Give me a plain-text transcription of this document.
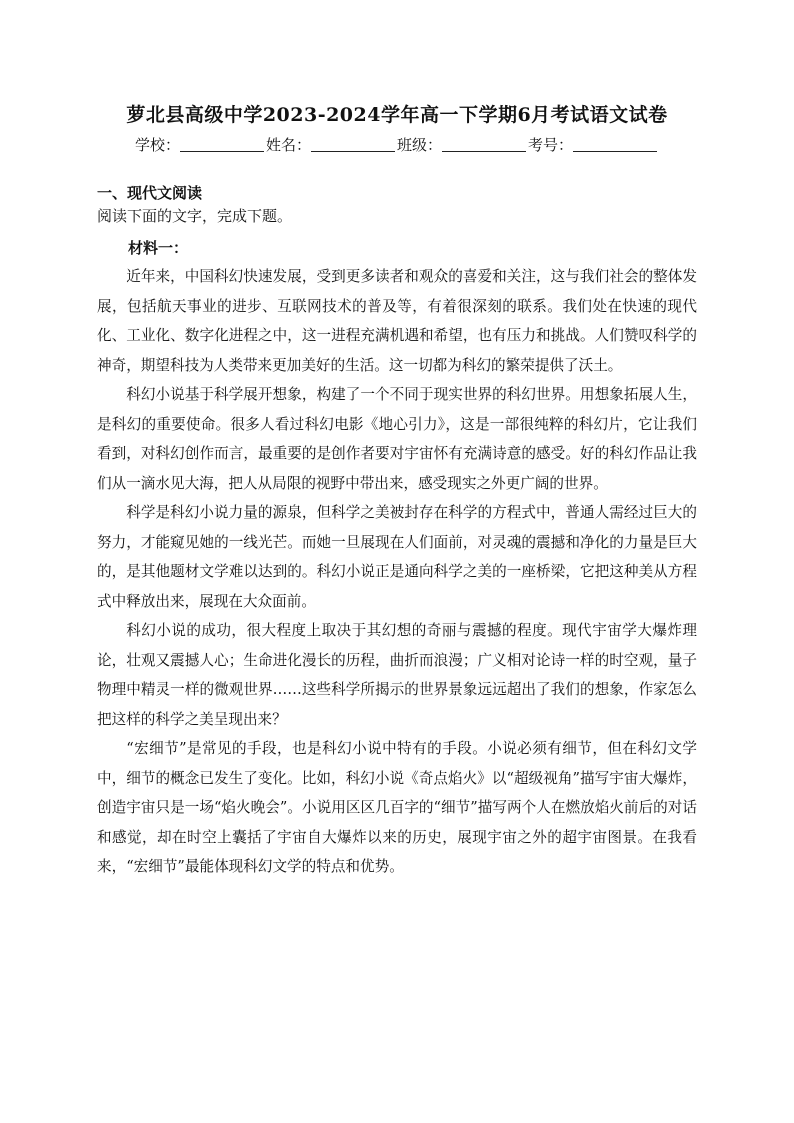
萝北县高级中学2023-2024学年高一下学期6月考试语文试卷
学校：	姓名：	班级：	考号：
一、现代文阅读
阅读下面的文字，完成下题。
材料一：

近年来，中国科幻快速发展，受到更多读者和观众的喜爱和关注，这与我们社会的整体发展，包括航天事业的进步、互联网技术的普及等，有着很深刻的联系。我们处在快速的现代化、工业化、数字化进程之中，这一进程充满机遇和希望，也有压力和挑战。人们赞叹科学的神奇，期望科技为人类带来更加美好的生活。这一切都为科幻的繁荣提供了沃土。

科幻小说基于科学展开想象，构建了一个不同于现实世界的科幻世界。用想象拓展人生，是科幻的重要使命。很多人看过科幻电影《地心引力》，这是一部很纯粹的科幻片，它让我们看到，对科幻创作而言，最重要的是创作者要对宇宙怀有充满诗意的感受。好的科幻作品让我们从一滴水见大海，把人从局限的视野中带出来，感受现实之外更广阔的世界。

科学是科幻小说力量的源泉，但科学之美被封存在科学的方程式中，普通人需经过巨大的努力，才能窥见她的一线光芒。而她一旦展现在人们面前，对灵魂的震撼和净化的力量是巨大的，是其他题材文学难以达到的。科幻小说正是通向科学之美的一座桥梁，它把这种美从方程式中释放出来，展现在大众面前。

科幻小说的成功，很大程度上取决于其幻想的奇丽与震撼的程度。现代宇宙学大爆炸理论，壮观又震撼人心；生命进化漫长的历程，曲折而浪漫；广义相对论诗一样的时空观，量子物理中精灵一样的微观世界……这些科学所揭示的世界景象远远超出了我们的想象，作家怎么把这样的科学之美呈现出来？

“宏细节”是常见的手段，也是科幻小说中特有的手段。小说必须有细节，但在科幻文学中，细节的概念已发生了变化。比如，科幻小说《奇点焰火》以“超级视角”描写宇宙大爆炸，创造宇宙只是一场“焰火晚会”。小说用区区几百字的“细节”描写两个人在燃放焰火前后的对话和感觉，却在时空上囊括了宇宙自大爆炸以来的历史，展现宇宙之外的超宇宙图景。在我看来，“宏细节”最能体现科幻文学的特点和优势。
